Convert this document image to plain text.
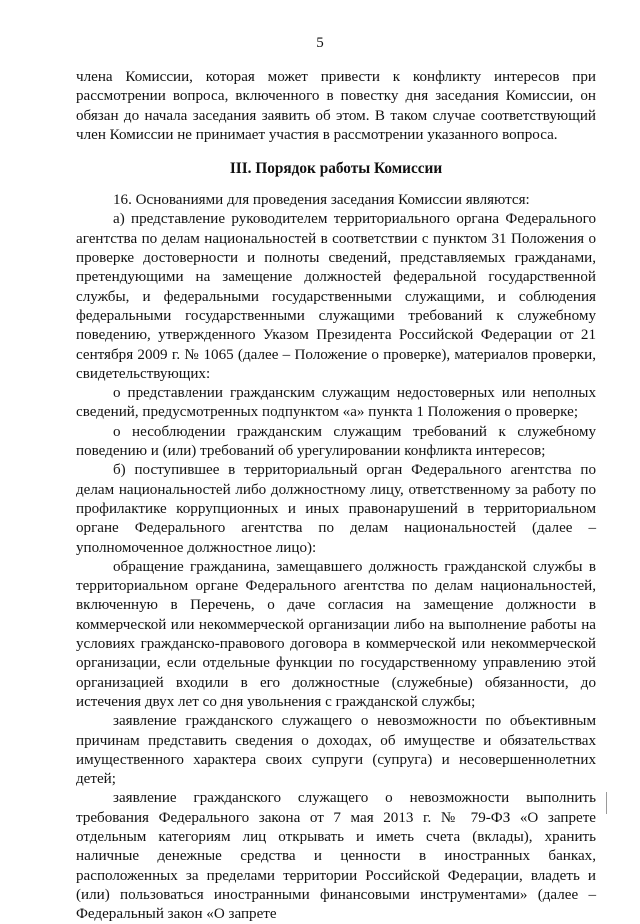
5

члена Комиссии, которая может привести к конфликту интересов при рассмотрении вопроса, включенного в повестку дня заседания Комиссии, он обязан до начала заседания заявить об этом. В таком случае соответствующий член Комиссии не принимает участия в рассмотрении указанного вопроса.

III. Порядок работы Комиссии

16. Основаниями для проведения заседания Комиссии являются:

а) представление руководителем территориального органа Федерального агентства по делам национальностей в соответствии с пунктом 31 Положения о проверке достоверности и полноты сведений, представляемых гражданами, претендующими на замещение должностей федеральной государственной службы, и федеральными государственными служащими, и соблюдения федеральными государственными служащими требований к служебному поведению, утвержденного Указом Президента Российской Федерации от 21 сентября 2009 г. № 1065 (далее – Положение о проверке), материалов проверки, свидетельствующих:

о представлении гражданским служащим недостоверных или неполных сведений, предусмотренных подпунктом «а» пункта 1 Положения о проверке;

о несоблюдении гражданским служащим требований к служебному поведению и (или) требований об урегулировании конфликта интересов;

б) поступившее в территориальный орган Федерального агентства по делам национальностей либо должностному лицу, ответственному за работу по профилактике коррупционных и иных правонарушений в территориальном органе Федерального агентства по делам национальностей (далее – уполномоченное должностное лицо):

обращение гражданина, замещавшего должность гражданской службы в территориальном органе Федерального агентства по делам национальностей, включенную в Перечень, о даче согласия на замещение должности в коммерческой или некоммерческой организации либо на выполнение работы на условиях гражданско-правового договора в коммерческой или некоммерческой организации, если отдельные функции по государственному управлению этой организацией входили в его должностные (служебные) обязанности, до истечения двух лет со дня увольнения с гражданской службы;

заявление гражданского служащего о невозможности по объективным причинам представить сведения о доходах, об имуществе и обязательствах имущественного характера своих супруги (супруга) и несовершеннолетних детей;

заявление гражданского служащего о невозможности выполнить требования Федерального закона от 7 мая 2013 г. № 79-ФЗ «О запрете отдельным категориям лиц открывать и иметь счета (вклады), хранить наличные денежные средства и ценности в иностранных банках, расположенных за пределами территории Российской Федерации, владеть и (или) пользоваться иностранными финансовыми инструментами» (далее – Федеральный закон «О запрете
